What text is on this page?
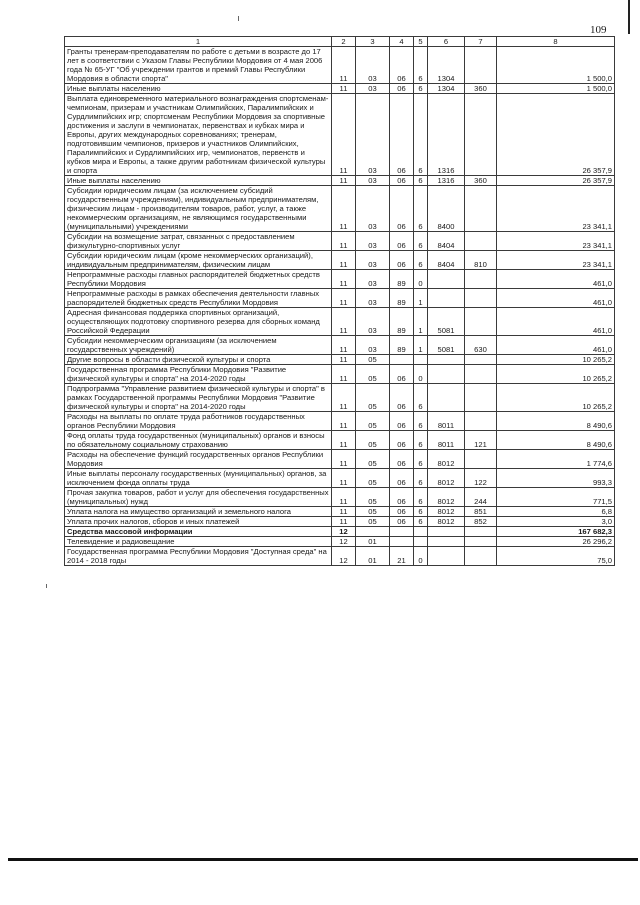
109
1	2	3	4	5	6	7	8
Гранты тренерам-преподавателям по работе с детьми в возрасте до 17 лет в соответствии с Указом Главы Республики Мордовия от 4 мая 2006 года № 65-УГ "Об учреждении грантов и премий Главы Республики Мордовия в области спорта"	11	03	06	6	1304		1 500,0
Иные выплаты населению	11	03	06	6	1304	360	1 500,0
Выплата единовременного материального вознаграждения спортсменам-чемпионам, призерам и участникам Олимпийских, Паралимпийских и Сурдлимпийских игр; спортсменам Республики Мордовия за спортивные достижения и заслуги в чемпионатах, первенствах и кубках мира и Европы, других международных соревнованиях; тренерам, подготовившим чемпионов, призеров и участников Олимпийских, Паралимпийских и Сурдлимпийских игр, чемпионатов, первенств и кубков мира и Европы, а также другим работникам физической культуры и спорта	11	03	06	6	1316		26 357,9
Иные выплаты населению	11	03	06	6	1316	360	26 357,9
Субсидии юридическим лицам (за исключением субсидий государственным учреждениям), индивидуальным предпринимателям, физическим лицам - производителям товаров, работ, услуг, а также некоммерческим организациям, не являющимся государственными (муниципальными) учреждениями	11	03	06	6	8400		23 341,1
Субсидии на возмещение затрат, связанных с предоставлением физкультурно-спортивных услуг	11	03	06	6	8404		23 341,1
Субсидии юридическим лицам (кроме некоммерческих организаций), индивидуальным предпринимателям, физическим лицам	11	03	06	6	8404	810	23 341,1
Непрограммные расходы главных распорядителей бюджетных средств Республики Мордовия	11	03	89	0			461,0
Непрограммные расходы в рамках обеспечения деятельности главных распорядителей бюджетных средств Республики Мордовия	11	03	89	1			461,0
Адресная финансовая поддержка спортивных организаций, осуществляющих подготовку спортивного резерва для сборных команд Российской Федерации	11	03	89	1	5081		461,0
Субсидии некоммерческим организациям (за исключением государственных учреждений)	11	03	89	1	5081	630	461,0
Другие вопросы в области физической культуры и спорта	11	05					10 265,2
Государственная программа Республики Мордовия "Развитие физической культуры и спорта" на 2014-2020 годы	11	05	06	0			10 265,2
Подпрограмма "Управление развитием физической культуры и спорта" в рамках Государственной программы Республики Мордовия "Развитие физической культуры и спорта" на 2014-2020 годы	11	05	06	6			10 265,2
Расходы на выплаты по оплате труда работников государственных органов Республики Мордовия	11	05	06	6	8011		8 490,6
Фонд оплаты труда государственных (муниципальных) органов и взносы по обязательному социальному страхованию	11	05	06	6	8011	121	8 490,6
Расходы на обеспечение функций государственных органов Республики Мордовия	11	05	06	6	8012		1 774,6
Иные выплаты персоналу государственных (муниципальных) органов, за исключением фонда оплаты труда	11	05	06	6	8012	122	993,3
Прочая закупка товаров, работ и услуг для обеспечения государственных (муниципальных) нужд	11	05	06	6	8012	244	771,5
Уплата налога на имущество организаций и земельного налога	11	05	06	6	8012	851	6,8
Уплата прочих налогов, сборов и иных платежей	11	05	06	6	8012	852	3,0
Средства массовой информации	12						167 682,3
Телевидение и радиовещание	12	01					26 296,2
Государственная программа Республики Мордовия "Доступная среда" на 2014 - 2018 годы	12	01	21	0			75,0
